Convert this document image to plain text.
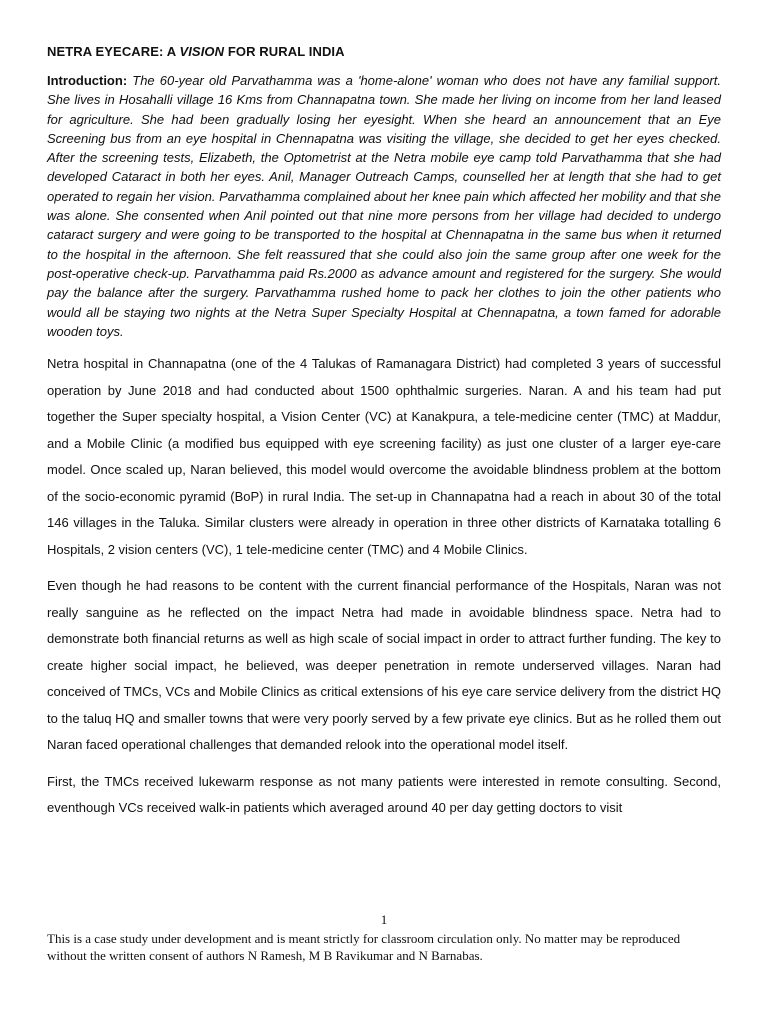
NETRA EYECARE: A VISION FOR RURAL INDIA

Introduction: The 60-year old Parvathamma was a 'home-alone' woman who does not have any familial support. She lives in Hosahalli village 16 Kms from Channapatna town. She made her living on income from her land leased for agriculture. She had been gradually losing her eyesight. When she heard an announcement that an Eye Screening bus from an eye hospital in Chennapatna was visiting the village, she decided to get her eyes checked. After the screening tests, Elizabeth, the Optometrist at the Netra mobile eye camp told Parvathamma that she had developed Cataract in both her eyes. Anil, Manager Outreach Camps, counselled her at length that she had to get operated to regain her vision. Parvathamma complained about her knee pain which affected her mobility and that she was alone. She consented when Anil pointed out that nine more persons from her village had decided to undergo cataract surgery and were going to be transported to the hospital at Chennapatna in the same bus when it returned to the hospital in the afternoon. She felt reassured that she could also join the same group after one week for the post-operative check-up. Parvathamma paid Rs.2000 as advance amount and registered for the surgery. She would pay the balance after the surgery. Parvathamma rushed home to pack her clothes to join the other patients who would all be staying two nights at the Netra Super Specialty Hospital at Chennapatna, a town famed for adorable wooden toys.

Netra hospital in Channapatna (one of the 4 Talukas of Ramanagara District) had completed 3 years of successful operation by June 2018 and had conducted about 1500 ophthalmic surgeries. Naran. A and his team had put together the Super specialty hospital, a Vision Center (VC) at Kanakpura, a tele-medicine center (TMC) at Maddur, and a Mobile Clinic (a modified bus equipped with eye screening facility) as just one cluster of a larger eye-care model. Once scaled up, Naran believed, this model would overcome the avoidable blindness problem at the bottom of the socio-economic pyramid (BoP) in rural India. The set-up in Channapatna had a reach in about 30 of the total 146 villages in the Taluka. Similar clusters were already in operation in three other districts of Karnataka totalling 6 Hospitals, 2 vision centers (VC), 1 tele-medicine center (TMC) and 4 Mobile Clinics.

Even though he had reasons to be content with the current financial performance of the Hospitals, Naran was not really sanguine as he reflected on the impact Netra had made in avoidable blindness space. Netra had to demonstrate both financial returns as well as high scale of social impact in order to attract further funding. The key to create higher social impact, he believed, was deeper penetration in remote underserved villages. Naran had conceived of TMCs, VCs and Mobile Clinics as critical extensions of his eye care service delivery from the district HQ to the taluq HQ and smaller towns that were very poorly served by a few private eye clinics. But as he rolled them out Naran faced operational challenges that demanded relook into the operational model itself.

First, the TMCs received lukewarm response as not many patients were interested in remote consulting. Second, eventhough VCs received walk-in patients which averaged around 40 per day getting doctors to visit

1

This is a case study under development and is meant strictly for classroom circulation only. No matter may be reproduced without the written consent of authors N Ramesh, M B Ravikumar and N Barnabas.
